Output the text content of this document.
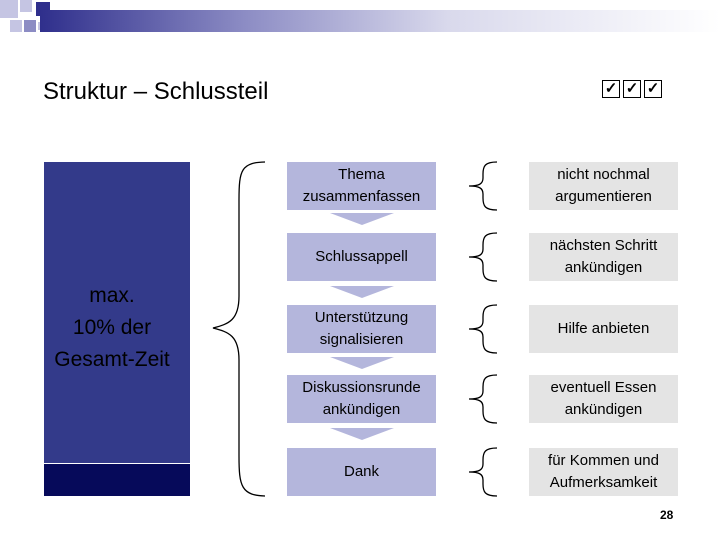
Struktur – Schlussteil	✓ ✓ ✓
max.
10% der
Gesamt-Zeit
Thema zusammenfassen
Schlussappell
Unterstützung signalisieren
Diskussionsrunde ankündigen
Dank
nicht nochmal argumentieren
nächsten Schritt ankündigen
Hilfe anbieten
eventuell Essen ankündigen
für Kommen und Aufmerksamkeit
28
